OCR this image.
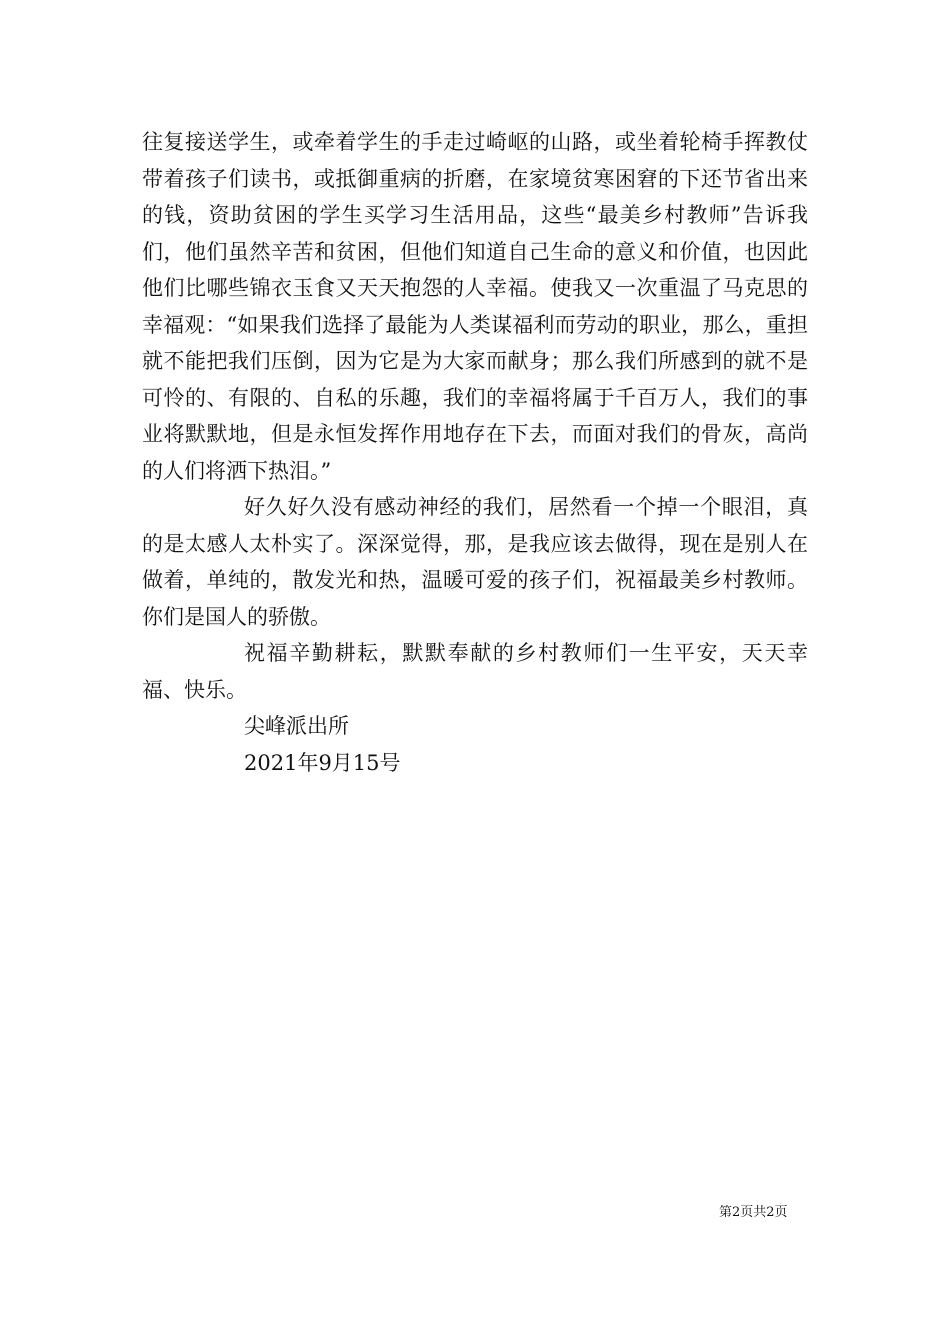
往复接送学生，或牵着学生的手走过崎岖的山路，或坐着轮椅手挥教仗带着孩子们读书，或抵御重病的折磨，在家境贫寒困窘的下还节省出来的钱，资助贫困的学生买学习生活用品，这些“最美乡村教师”告诉我们，他们虽然辛苦和贫困，但他们知道自己生命的意义和价值，也因此他们比哪些锦衣玉食又天天抱怨的人幸福。使我又一次重温了马克思的幸福观：“如果我们选择了最能为人类谋福利而劳动的职业，那么，重担就不能把我们压倒，因为它是为大家而献身；那么我们所感到的就不是可怜的、有限的、自私的乐趣，我们的幸福将属于千百万人，我们的事业将默默地，但是永恒发挥作用地存在下去，而面对我们的骨灰，高尚的人们将洒下热泪。”

好久好久没有感动神经的我们，居然看一个掉一个眼泪，真的是太感人太朴实了。深深觉得，那，是我应该去做得，现在是别人在做着，单纯的，散发光和热，温暖可爱的孩子们，祝福最美乡村教师。你们是国人的骄傲。

祝福辛勤耕耘，默默奉献的乡村教师们一生平安，天天幸福、快乐。

尖峰派出所

2021年9月15号

第2页共2页
